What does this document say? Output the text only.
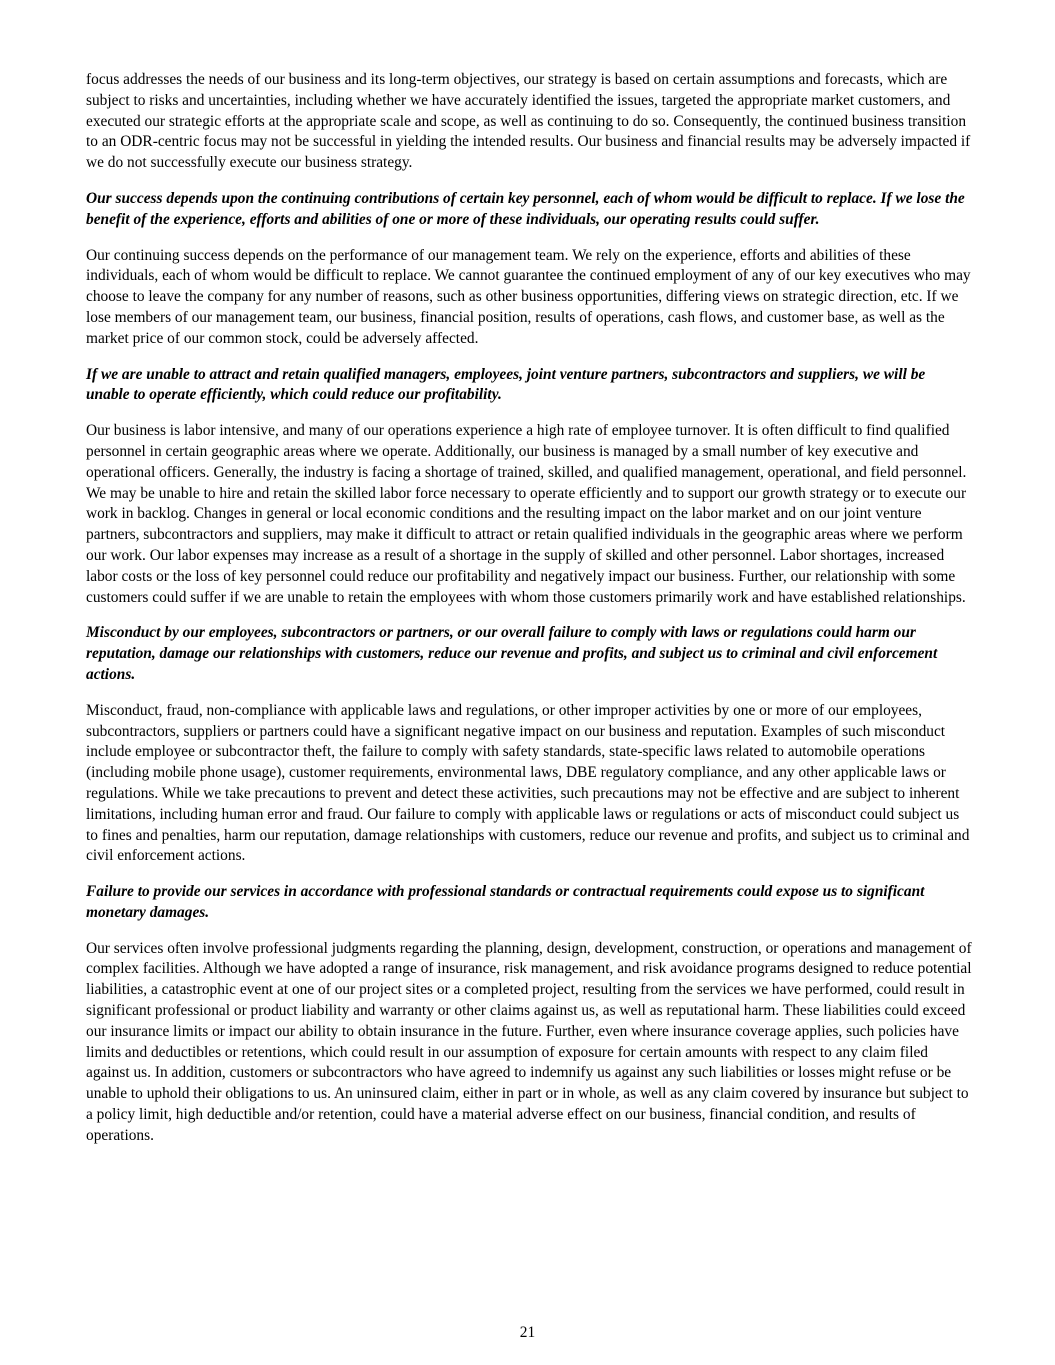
focus addresses the needs of our business and its long-term objectives, our strategy is based on certain assumptions and forecasts, which are subject to risks and uncertainties, including whether we have accurately identified the issues, targeted the appropriate market customers, and executed our strategic efforts at the appropriate scale and scope, as well as continuing to do so. Consequently, the continued business transition to an ODR-centric focus may not be successful in yielding the intended results. Our business and financial results may be adversely impacted if we do not successfully execute our business strategy.

Our success depends upon the continuing contributions of certain key personnel, each of whom would be difficult to replace. If we lose the benefit of the experience, efforts and abilities of one or more of these individuals, our operating results could suffer.

Our continuing success depends on the performance of our management team. We rely on the experience, efforts and abilities of these individuals, each of whom would be difficult to replace. We cannot guarantee the continued employment of any of our key executives who may choose to leave the company for any number of reasons, such as other business opportunities, differing views on strategic direction, etc. If we lose members of our management team, our business, financial position, results of operations, cash flows, and customer base, as well as the market price of our common stock, could be adversely affected.

If we are unable to attract and retain qualified managers, employees, joint venture partners, subcontractors and suppliers, we will be unable to operate efficiently, which could reduce our profitability.

Our business is labor intensive, and many of our operations experience a high rate of employee turnover. It is often difficult to find qualified personnel in certain geographic areas where we operate. Additionally, our business is managed by a small number of key executive and operational officers. Generally, the industry is facing a shortage of trained, skilled, and qualified management, operational, and field personnel. We may be unable to hire and retain the skilled labor force necessary to operate efficiently and to support our growth strategy or to execute our work in backlog. Changes in general or local economic conditions and the resulting impact on the labor market and on our joint venture partners, subcontractors and suppliers, may make it difficult to attract or retain qualified individuals in the geographic areas where we perform our work. Our labor expenses may increase as a result of a shortage in the supply of skilled and other personnel. Labor shortages, increased labor costs or the loss of key personnel could reduce our profitability and negatively impact our business. Further, our relationship with some customers could suffer if we are unable to retain the employees with whom those customers primarily work and have established relationships.

Misconduct by our employees, subcontractors or partners, or our overall failure to comply with laws or regulations could harm our reputation, damage our relationships with customers, reduce our revenue and profits, and subject us to criminal and civil enforcement actions.

Misconduct, fraud, non-compliance with applicable laws and regulations, or other improper activities by one or more of our employees, subcontractors, suppliers or partners could have a significant negative impact on our business and reputation. Examples of such misconduct include employee or subcontractor theft, the failure to comply with safety standards, state-specific laws related to automobile operations (including mobile phone usage), customer requirements, environmental laws, DBE regulatory compliance, and any other applicable laws or regulations. While we take precautions to prevent and detect these activities, such precautions may not be effective and are subject to inherent limitations, including human error and fraud. Our failure to comply with applicable laws or regulations or acts of misconduct could subject us to fines and penalties, harm our reputation, damage relationships with customers, reduce our revenue and profits, and subject us to criminal and civil enforcement actions.

Failure to provide our services in accordance with professional standards or contractual requirements could expose us to significant monetary damages.

Our services often involve professional judgments regarding the planning, design, development, construction, or operations and management of complex facilities. Although we have adopted a range of insurance, risk management, and risk avoidance programs designed to reduce potential liabilities, a catastrophic event at one of our project sites or a completed project, resulting from the services we have performed, could result in significant professional or product liability and warranty or other claims against us, as well as reputational harm. These liabilities could exceed our insurance limits or impact our ability to obtain insurance in the future. Further, even where insurance coverage applies, such policies have limits and deductibles or retentions, which could result in our assumption of exposure for certain amounts with respect to any claim filed against us. In addition, customers or subcontractors who have agreed to indemnify us against any such liabilities or losses might refuse or be unable to uphold their obligations to us. An uninsured claim, either in part or in whole, as well as any claim covered by insurance but subject to a policy limit, high deductible and/or retention, could have a material adverse effect on our business, financial condition, and results of operations.

21
